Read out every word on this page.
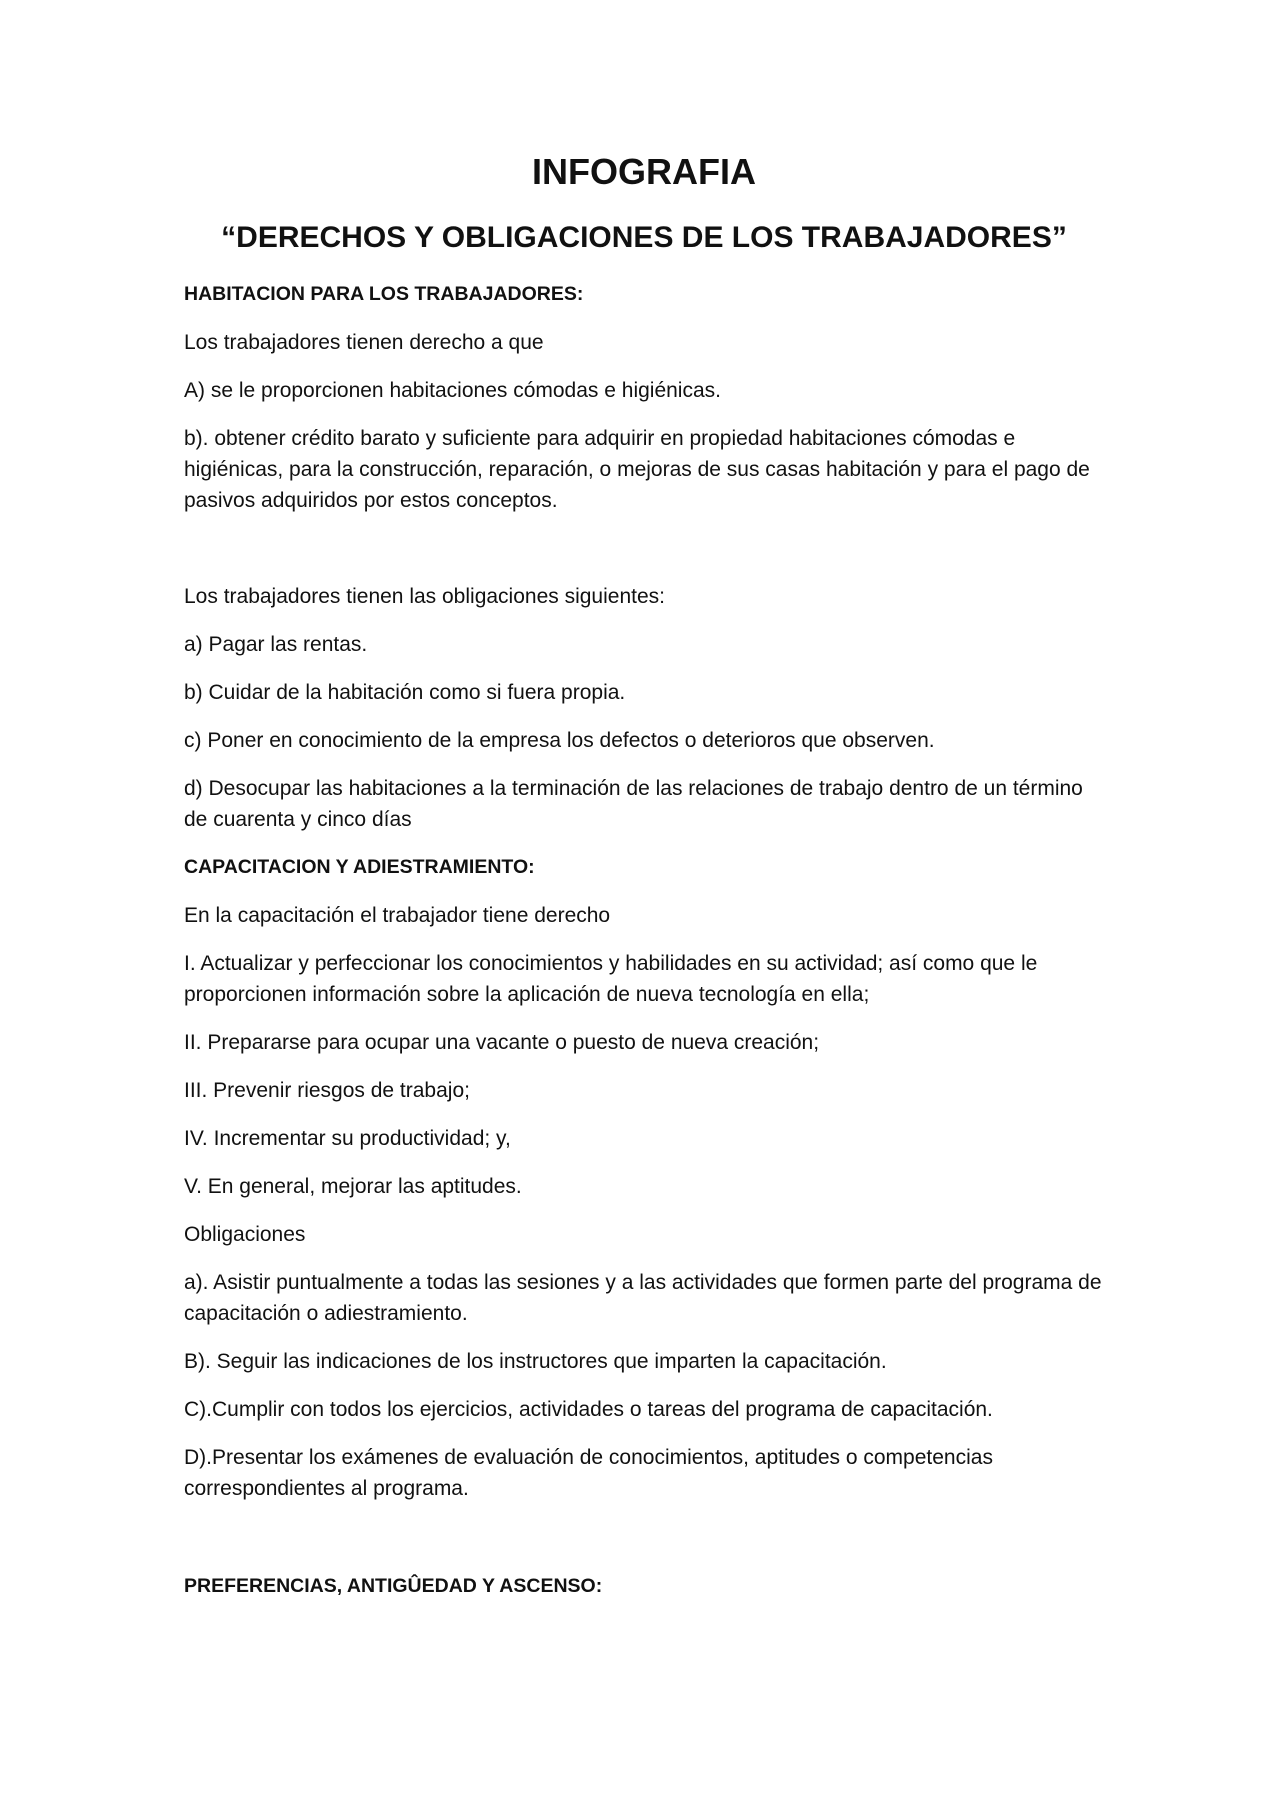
INFOGRAFIA
“DERECHOS Y OBLIGACIONES DE LOS TRABAJADORES”
HABITACION PARA LOS TRABAJADORES:
Los trabajadores tienen derecho a que
A) se le proporcionen habitaciones cómodas e higiénicas.
b). obtener crédito barato y suficiente para adquirir en propiedad habitaciones cómodas e higiénicas, para la construcción, reparación, o mejoras de sus casas habitación y para el pago de pasivos adquiridos por estos conceptos.
Los trabajadores tienen las obligaciones siguientes:
a) Pagar las rentas.
b) Cuidar de la habitación como si fuera propia.
c) Poner en conocimiento de la empresa los defectos o deterioros que observen.
d) Desocupar las habitaciones a la terminación de las relaciones de trabajo dentro de un término de cuarenta y cinco días
CAPACITACION Y ADIESTRAMIENTO:
En la capacitación el trabajador tiene derecho
I. Actualizar y perfeccionar los conocimientos y habilidades en su actividad; así como que le proporcionen información sobre la aplicación de nueva tecnología en ella;
II. Prepararse para ocupar una vacante o puesto de nueva creación;
III. Prevenir riesgos de trabajo;
IV. Incrementar su productividad; y,
V. En general, mejorar las aptitudes.
Obligaciones
a). Asistir puntualmente a todas las sesiones y a las actividades que formen parte del programa de capacitación o adiestramiento.
B). Seguir las indicaciones de los instructores que imparten la capacitación.
C).Cumplir con todos los ejercicios, actividades o tareas del programa de capacitación.
D).Presentar los exámenes de evaluación de conocimientos, aptitudes o competencias correspondientes al programa.
PREFERENCIAS, ANTIGÛEDAD Y ASCENSO:
